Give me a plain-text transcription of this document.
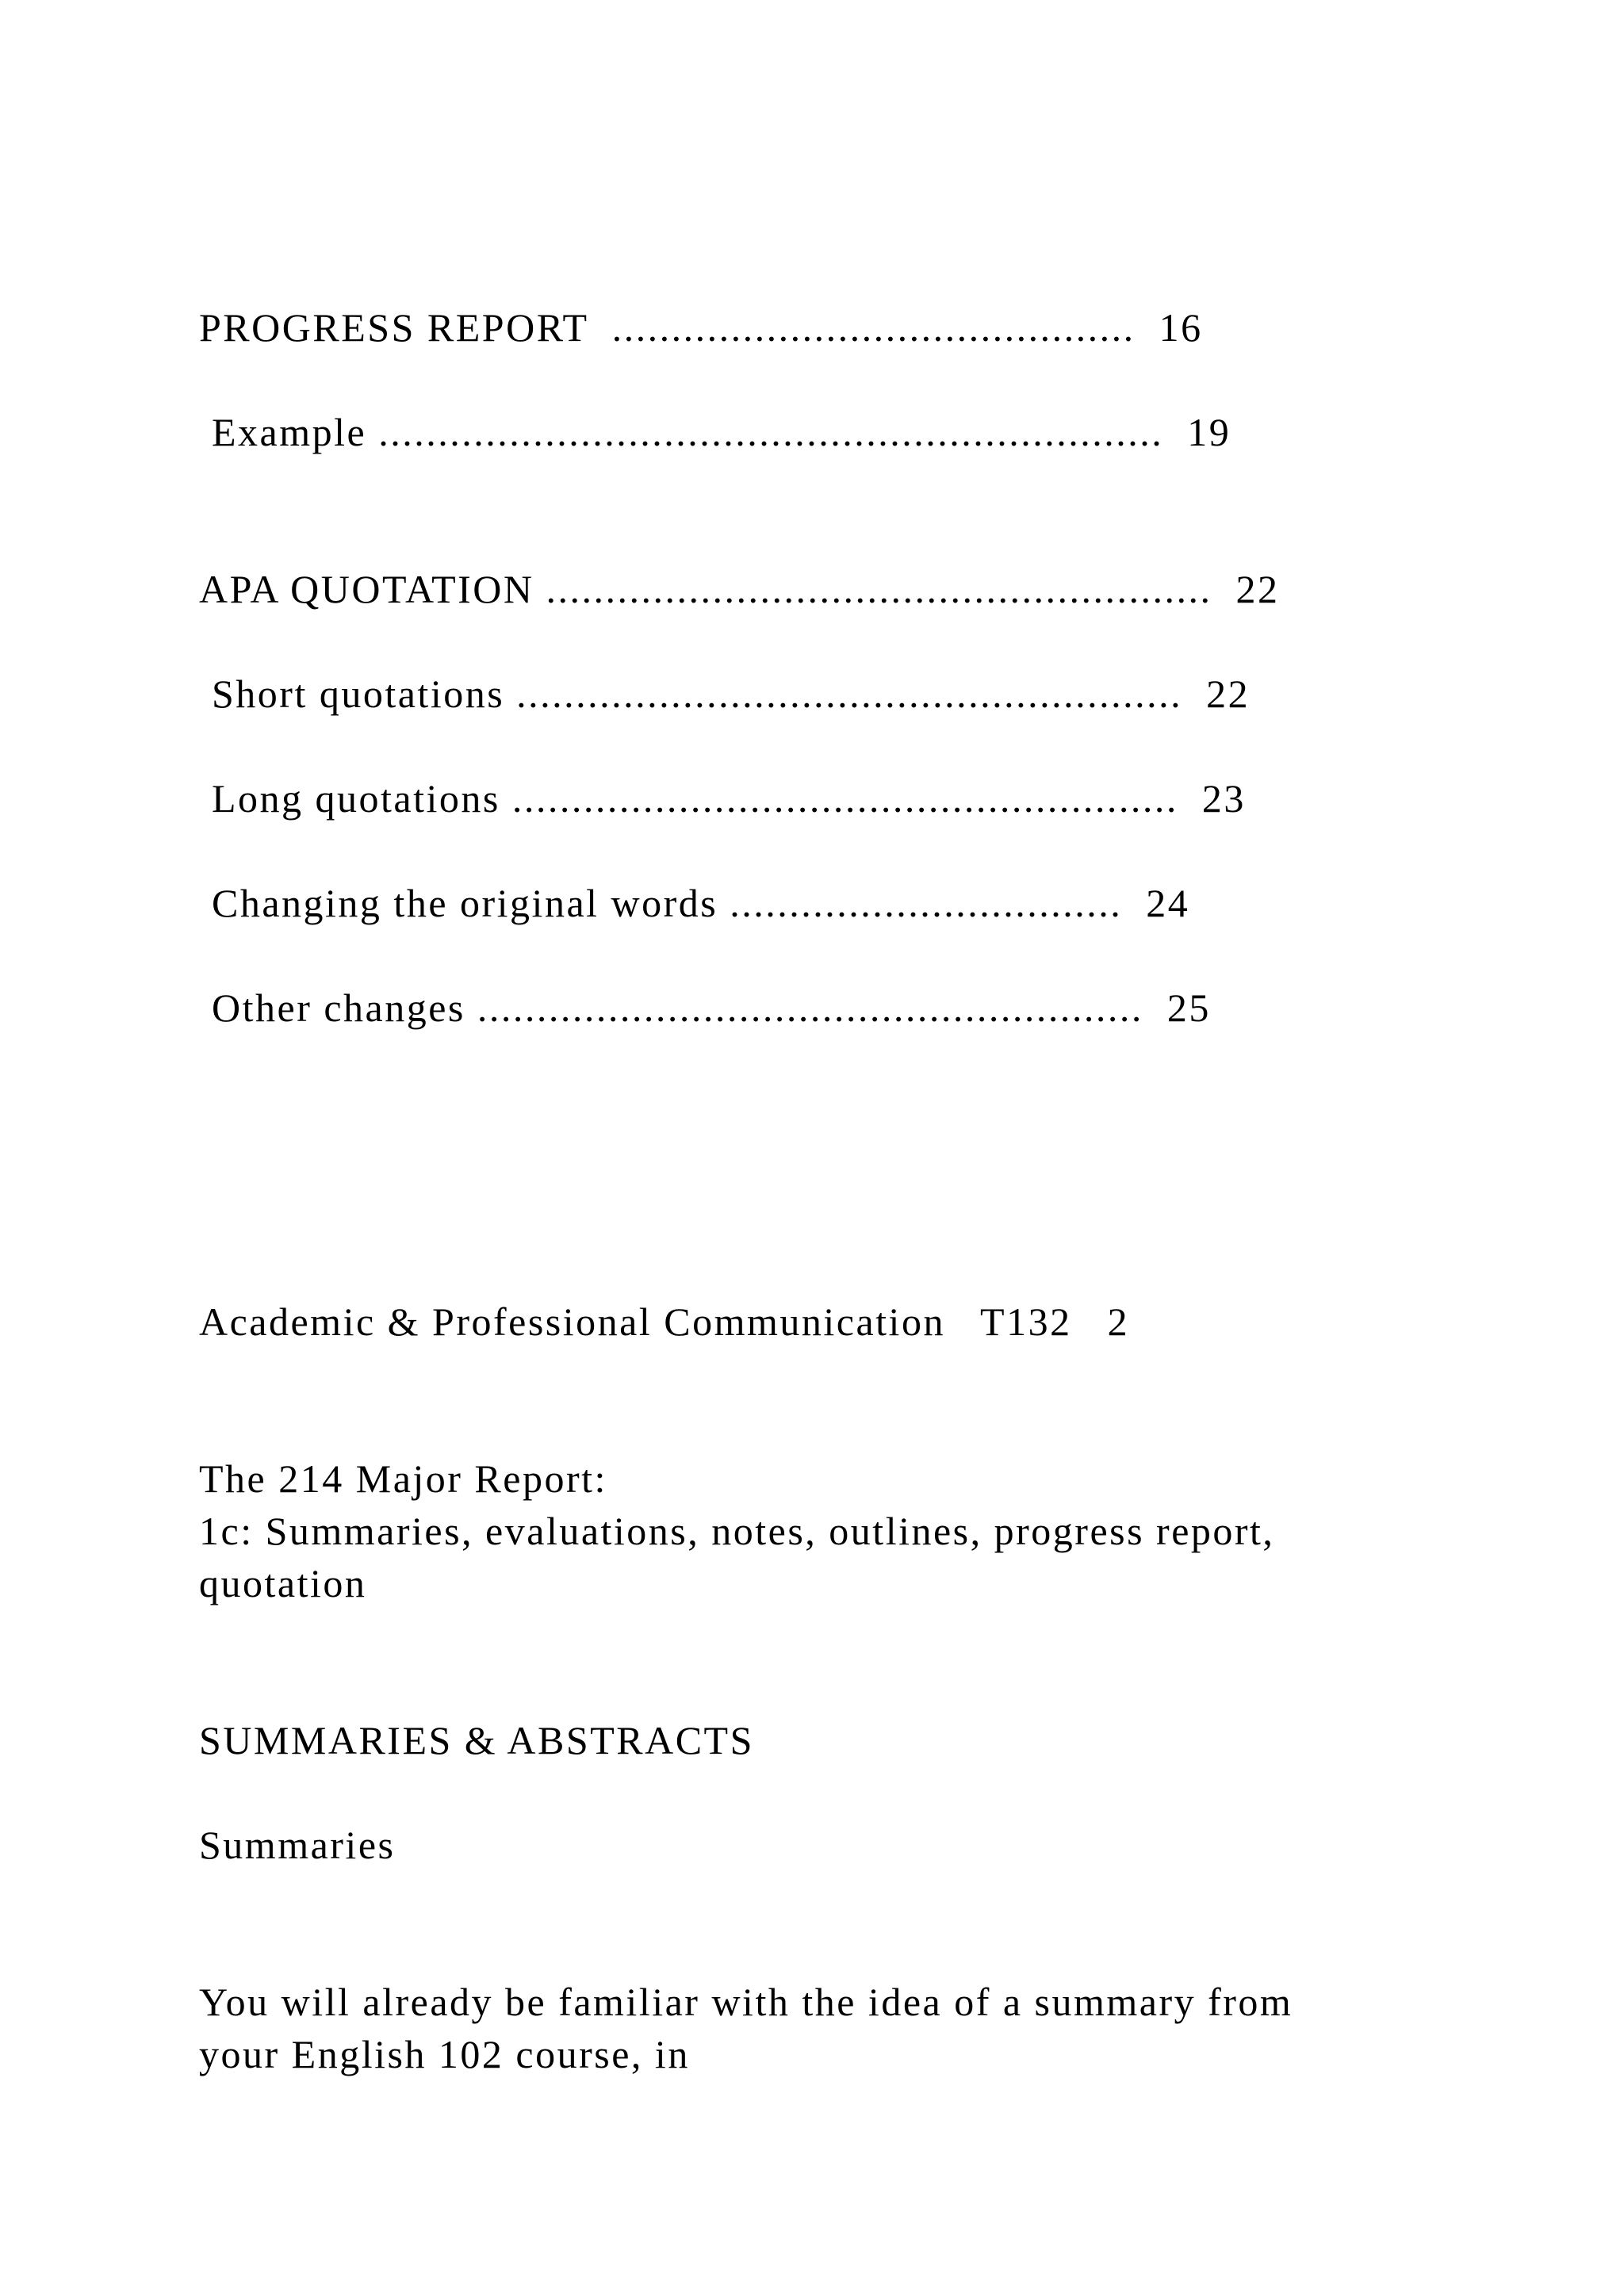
PROGRESS REPORT  ............................................  16
Example ..................................................................  19
APA QUOTATION ........................................................  22
Short quotations ........................................................  22
Long quotations ........................................................  23
Changing the original words .................................  24
Other changes ........................................................  25
Academic & Professional Communication   T132   2
The 214 Major Report:
1c: Summaries, evaluations, notes, outlines, progress report,
quotation
SUMMARIES & ABSTRACTS
Summaries
You will already be familiar with the idea of a summary from
your English 102 course, in
